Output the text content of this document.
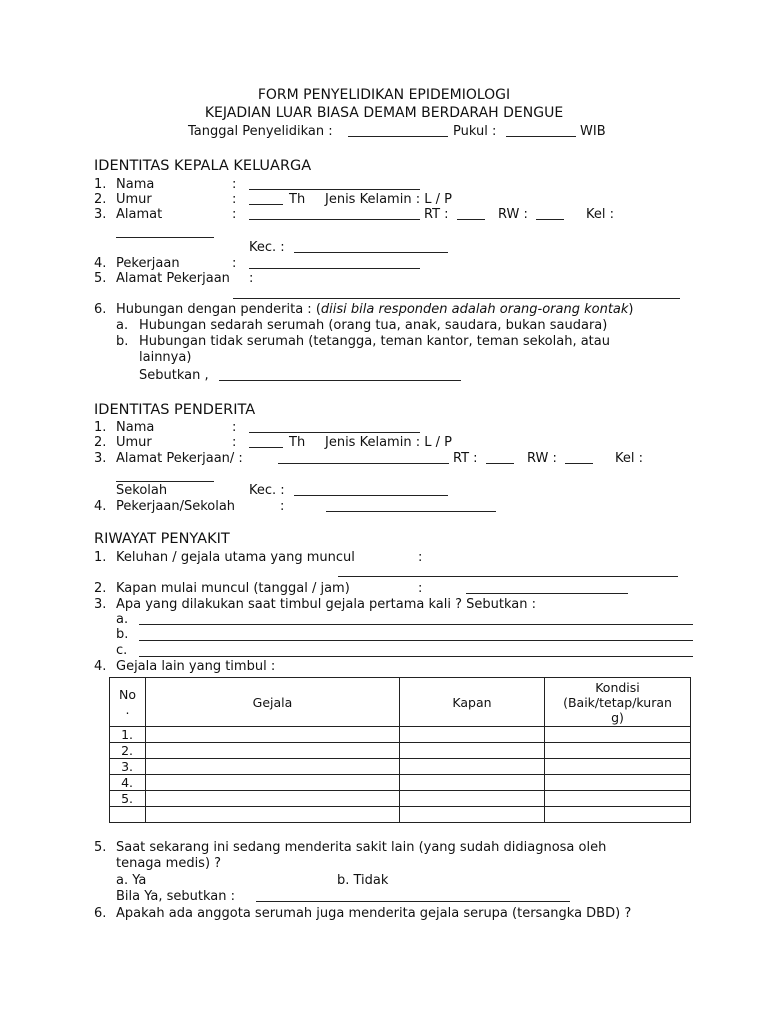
FORM PENYELIDIKAN EPIDEMIOLOGI
KEJADIAN LUAR BIASA DEMAM BERDARAH DENGUE
Tanggal Penyelidikan :	Pukul :	WIB
IDENTITAS KEPALA KELUARGA
1. Nama	:
2. Umur	:	Th Jenis Kelamin : L / P
3. Alamat	:	RT :	RW :	Kel :
Kec. :
4. Pekerjaan	:
5. Alamat Pekerjaan :
6. Hubungan dengan penderita : (diisi bila responden adalah orang-orang kontak)
a. Hubungan sedarah serumah (orang tua, anak, saudara, bukan saudara)
b. Hubungan tidak serumah (tetangga, teman kantor, teman sekolah, atau
lainnya)
Sebutkan ,
IDENTITAS PENDERITA
1. Nama	:
2. Umur	:	Th Jenis Kelamin : L / P
3. Alamat Pekerjaan/ :	RT :	RW :	Kel :
Sekolah	Kec. :
4. Pekerjaan/Sekolah	:
RIWAYAT PENYAKIT
1. Keluhan / gejala utama yang muncul	:
2. Kapan mulai muncul (tanggal / jam)	:
3. Apa yang dilakukan saat timbul gejala pertama kali ? Sebutkan :
a.
b.
c.
4. Gejala lain yang timbul :
No
.	Gejala	Kapan	Kondisi
(Baik/tetap/kuran
g)
1.			
2.			
3.			
4.			
5.			

5. Saat sekarang ini sedang menderita sakit lain (yang sudah didiagnosa oleh
tenaga medis) ?
a. Ya	b. Tidak
Bila Ya, sebutkan :
6. Apakah ada anggota serumah juga menderita gejala serupa (tersangka DBD) ?
